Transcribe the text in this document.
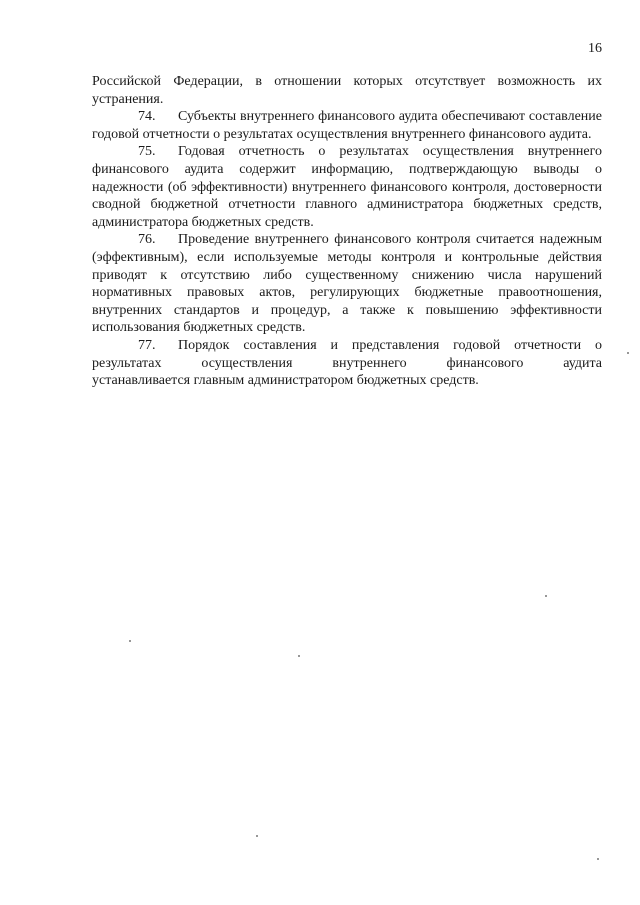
16

Российской Федерации, в отношении которых отсутствует возможность их устранения.

74. Субъекты внутреннего финансового аудита обеспечивают составление годовой отчетности о результатах осуществления внутреннего финансового аудита.

75. Годовая отчетность о результатах осуществления внутреннего финансового аудита содержит информацию, подтверждающую выводы о надежности (об эффективности) внутреннего финансового контроля, достоверности сводной бюджетной отчетности главного администратора бюджетных средств, администратора бюджетных средств.

76. Проведение внутреннего финансового контроля считается надежным (эффективным), если используемые методы контроля и контрольные действия приводят к отсутствию либо существенному снижению числа нарушений нормативных правовых актов, регулирующих бюджетные правоотношения, внутренних стандартов и процедур, а также к повышению эффективности использования бюджетных средств.

77. Порядок составления и представления годовой отчетности о результатах осуществления внутреннего финансового аудита

устанавливается главным администратором бюджетных средств.
